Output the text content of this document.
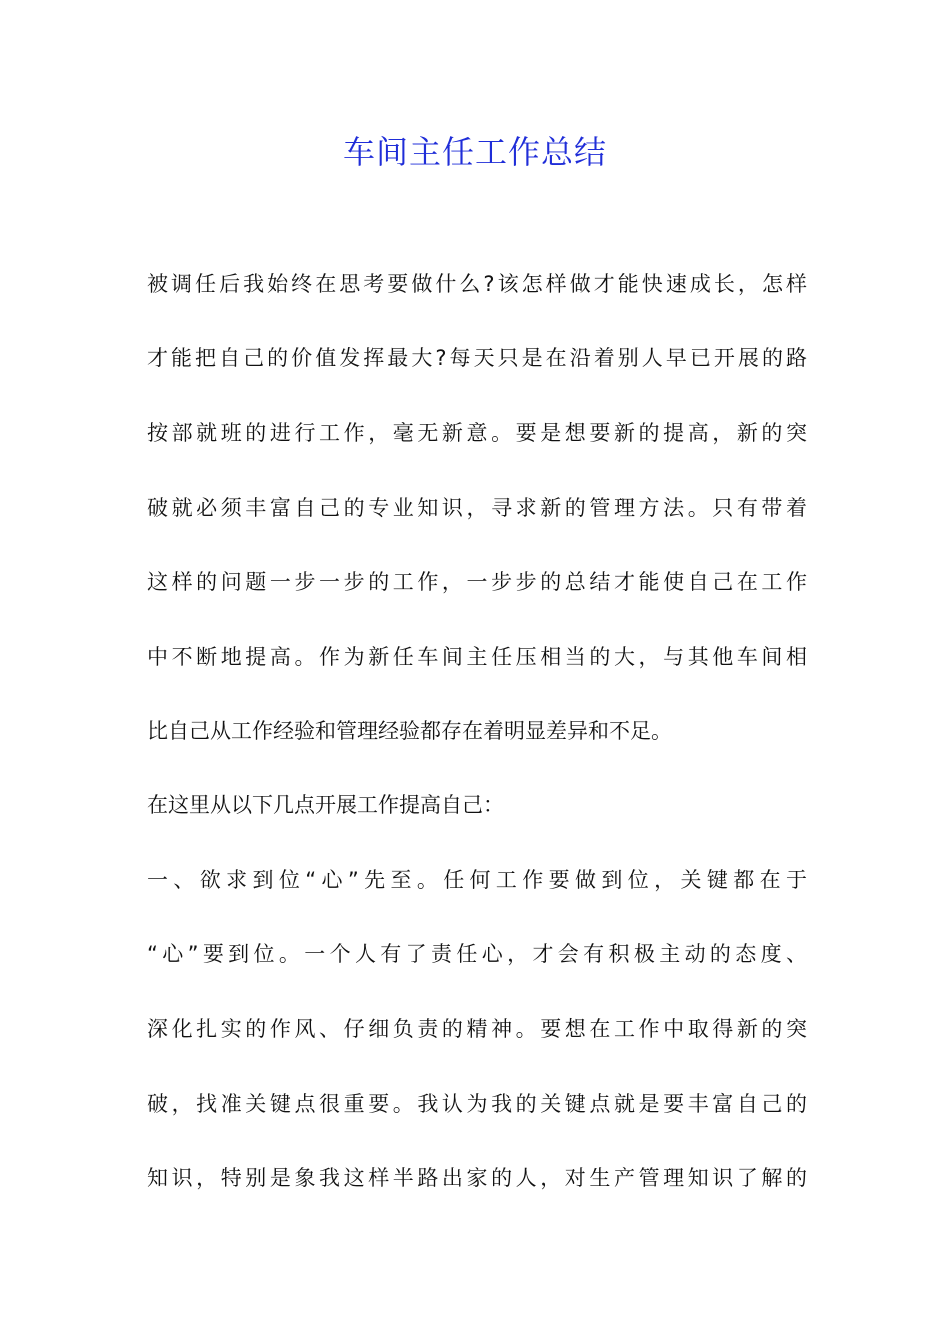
车间主任工作总结
被调任后我始终在思考要做什么?该怎样做才能快速成长，怎样
才能把自己的价值发挥最大?每天只是在沿着别人早已开展的路
按部就班的进行工作，毫无新意。要是想要新的提高，新的突
破就必须丰富自己的专业知识，寻求新的管理方法。只有带着
这样的问题一步一步的工作，一步步的总结才能使自己在工作
中不断地提高。作为新任车间主任压相当的大，与其他车间相
比自己从工作经验和管理经验都存在着明显差异和不足。
在这里从以下几点开展工作提高自己：
一、欲求到位“心”先至。任何工作要做到位，关键都在于
“心”要到位。一个人有了责任心，才会有积极主动的态度、
深化扎实的作风、仔细负责的精神。要想在工作中取得新的突
破，找准关键点很重要。我认为我的关键点就是要丰富自己的
知识，特别是象我这样半路出家的人，对生产管理知识了解的
